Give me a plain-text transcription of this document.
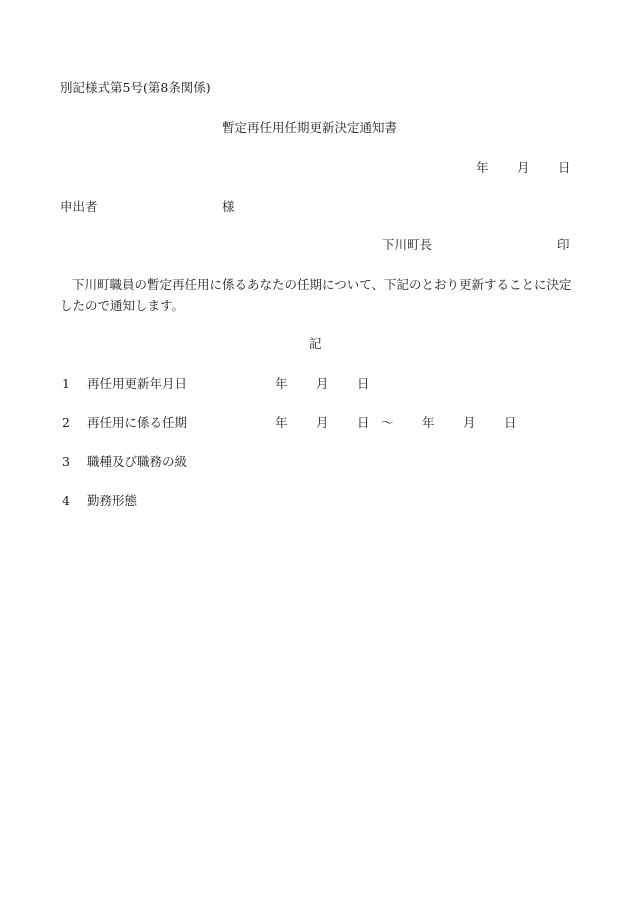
別記様式第5号(第8条関係)
暫定再任用任期更新決定通知書
年 月 日
申出者	様
下川町長	印
下川町職員の暫定再任用に係るあなたの任期について、下記のとおり更新することに決定したので通知します。
記
1 再任用更新年月日	年 月 日
2 再任用に係る任期	年 月 日 〜 年 月 日
3 職種及び職務の級
4 勤務形態
